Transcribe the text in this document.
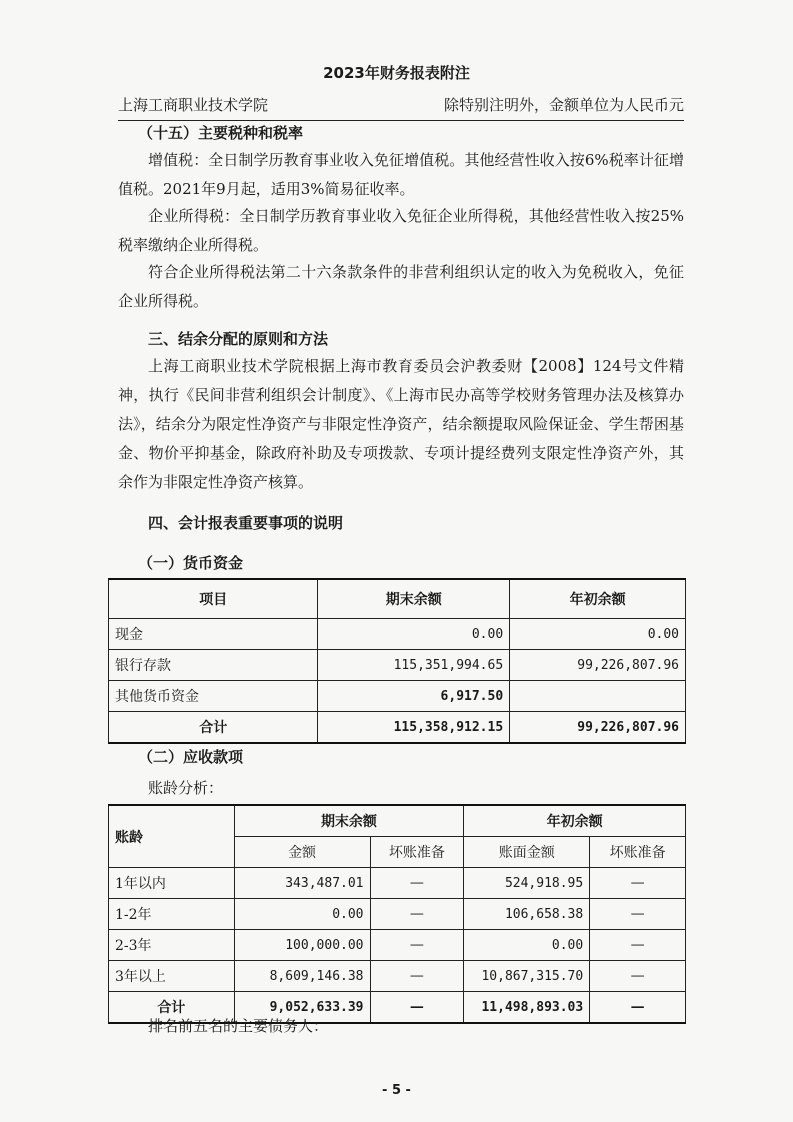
2023年财务报表附注
上海工商职业技术学院	除特别注明外，金额单位为人民币元

（十五）主要税种和税率

增值税：全日制学历教育事业收入免征增值税。其他经营性收入按6%税率计征增值税。2021年9月起，适用3%简易征收率。

企业所得税：全日制学历教育事业收入免征企业所得税，其他经营性收入按25%税率缴纳企业所得税。

符合企业所得税法第二十六条款条件的非营利组织认定的收入为免税收入，免征企业所得税。

三、结余分配的原则和方法

上海工商职业技术学院根据上海市教育委员会沪教委财【2008】124号文件精神，执行《民间非营利组织会计制度》、《上海市民办高等学校财务管理办法及核算办法》，结余分为限定性净资产与非限定性净资产，结余额提取风险保证金、学生帮困基金、物价平抑基金，除政府补助及专项拨款、专项计提经费列支限定性净资产外，其余作为非限定性净资产核算。

四、会计报表重要事项的说明

（一）货币资金

项目	期末余额	年初余额
现金	0.00	0.00
银行存款	115,351,994.65	99,226,807.96
其他货币资金	6,917.50	
合计	115,358,912.15	99,226,807.96

（二）应收款项

账龄分析：

账龄	期末余额		年初余额	
	金额	坏账准备	账面金额	坏账准备
1年以内	343,487.01	—	524,918.95	—
1-2年	0.00	—	106,658.38	—
2-3年	100,000.00	—	0.00	—
3年以上	8,609,146.38	—	10,867,315.70	—
合计	9,052,633.39	—	11,498,893.03	—

排名前五名的主要债务人：

- 5 -
